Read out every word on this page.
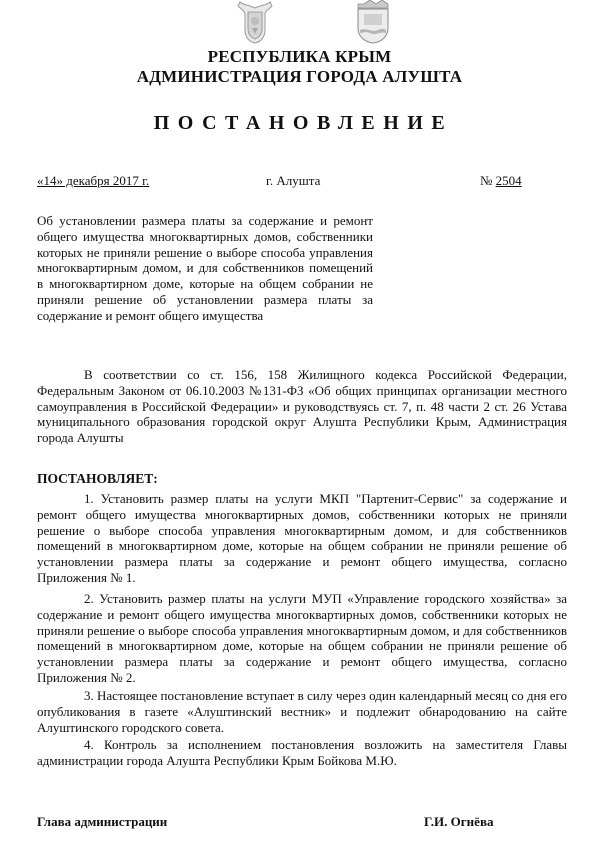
РЕСПУБЛИКА КРЫМ
АДМИНИСТРАЦИЯ ГОРОДА АЛУШТА
ПОСТАНОВЛЕНИЕ
«14» декабря 2017 г.	г. Алушта	№ 2504
Об установлении размера платы за содержание и ремонт общего имущества многоквартирных домов, собственники которых не приняли решение о выборе способа управления многоквартирным домом, и для собственников помещений в многоквартирном доме, которые на общем собрании не приняли решение об установлении размера платы за содержание и ремонт общего имущества
В соответствии со ст. 156, 158 Жилищного кодекса Российской Федерации, Федеральным Законом от 06.10.2003 №131-ФЗ «Об общих принципах организации местного самоуправления в Российской Федерации» и руководствуясь ст. 7, п. 48 части 2 ст. 26 Устава муниципального образования городской округ Алушта Республики Крым, Администрация города Алушты
ПОСТАНОВЛЯЕТ:
1. Установить размер платы на услуги МКП "Партенит-Сервис" за содержание и ремонт общего имущества многоквартирных домов, собственники которых не приняли решение о выборе способа управления многоквартирным домом, и для собственников помещений в многоквартирном доме, которые на общем собрании не приняли решение об установлении размера платы за содержание и ремонт общего имущества, согласно Приложения № 1.
2. Установить размер платы на услуги МУП «Управление городского хозяйства» за содержание и ремонт общего имущества многоквартирных домов, собственники которых не приняли решение о выборе способа управления многоквартирным домом, и для собственников помещений в многоквартирном доме, которые на общем собрании не приняли решение об установлении размера платы за содержание и ремонт общего имущества, согласно Приложения № 2.
3. Настоящее постановление вступает в силу через один календарный месяц со дня его опубликования в газете «Алуштинский вестник» и подлежит обнародованию на сайте Алуштинского городского совета.
4. Контроль за исполнением постановления возложить на заместителя Главы администрации города Алушта Республики Крым Бойкова М.Ю.
Глава администрации	Г.И. Огнёва
